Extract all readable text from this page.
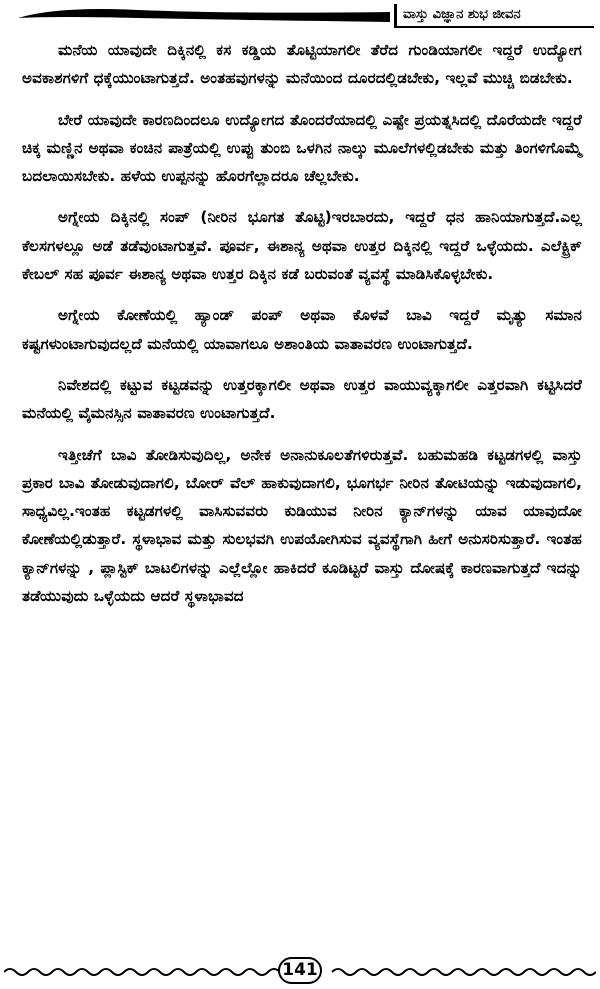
ವಾಸ್ತು ವಿಜ್ಞಾನ ಶುಭ ಜೀವನ

ಮನೆಯ ಯಾವುದೇ ದಿಕ್ಕಿನಲ್ಲಿ ಕಸ ಕಡ್ಡಿಯ ತೊಟ್ಟಿಯಾಗಲೀ ತೆರೆದ ಗುಂಡಿಯಾಗಲೀ ಇದ್ದರೆ ಉದ್ಯೋಗ ಅವಕಾಶಗಳಿಗೆ ಧಕ್ಕೆಯುಂಟಾಗುತ್ತದೆ. ಅಂತಹವುಗಳನ್ನು ಮನೆಯಿಂದ ದೂರದಲ್ಲಿಡಬೇಕು, ಇಲ್ಲವೆ ಮುಚ್ಚಿ ಬಿಡಬೇಕು.

ಬೇರೆ ಯಾವುದೇ ಕಾರಣದಿಂದಲೂ ಉದ್ಯೋಗದ ತೊಂದರೆಯಾದಲ್ಲಿ ಎಷ್ಟೇ ಪ್ರಯತ್ನಸಿದಲ್ಲಿ ದೊರೆಯದೇ ಇದ್ದರೆ ಚಿಕ್ಕ ಮಣ್ಣಿನ ಅಥವಾ ಕಂಚಿನ ಪಾತ್ರೆಯಲ್ಲಿ ಉಪ್ಪು ತುಂಬಿ ಒಳಗಿನ ನಾಲ್ಕು ಮೂಲೆಗಳಲ್ಲಿಡಬೇಕು ಮತ್ತು ತಿಂಗಳಿಗೊಮ್ಮೆ ಬದಲಾಯಿಸಬೇಕು. ಹಳೆಯ ಉಪ್ಪನನ್ನು ಹೊರಗೆಲ್ಲಾದರೂ ಚೆಲ್ಲಬೇಕು.

ಅಗ್ನೇಯ ದಿಕ್ಕಿನಲ್ಲಿ ಸಂಪ್ (ನೀರಿನ ಭೂಗತ ತೊಟ್ಟಿ)ಇರಬಾರದು, ಇದ್ದರೆ ಧನ ಹಾನಿಯಾಗುತ್ತದೆ.ಎಲ್ಲ ಕೆಲಸಗಳಲ್ಲೂ ಅಡೆ ತಡೆವುಂಟಾಗುತ್ತವೆ. ಪೂರ್ವ, ಈಶಾನ್ಯ ಅಥವಾ ಉತ್ತರ ದಿಕ್ಕಿನಲ್ಲಿ ಇದ್ದರೆ ಒಳ್ಳೆಯದು. ಎಲೆಕ್ಟ್ರಿಕ್ ಕೇಬಲ್ ಸಹ ಪೂರ್ವ ಈಶಾನ್ಯ ಅಥವಾ ಉತ್ತರ ದಿಕ್ಕಿನ ಕಡೆ ಬರುವಂತೆ ವ್ಯವಸ್ಥೆ ಮಾಡಿಸಿಕೊಳ್ಳಬೇಕು.

ಅಗ್ನೇಯ ಕೋಣೆಯಲ್ಲಿ ಹ್ಯಾಂಡ್ ಪಂಪ್ ಅಥವಾ ಕೊಳವೆ ಬಾವಿ ಇದ್ದರೆ ಮೃತ್ಯು ಸಮಾನ ಕಷ್ಟಗಳುಂಟಾಗುವುದಲ್ಲದೆ ಮನೆಯಲ್ಲಿ ಯಾವಾಗಲೂ ಅಶಾಂತಿಯ ವಾತಾವರಣ ಉಂಟಾಗುತ್ತದೆ.

ನಿವೇಶದಲ್ಲಿ ಕಟ್ಟುವ ಕಟ್ಟಡವನ್ನು ಉತ್ತರಕ್ಕಾಗಲೀ ಅಥವಾ ಉತ್ತರ ವಾಯುವ್ಯಕ್ಕಾಗಲೀ ಎತ್ತರವಾಗಿ ಕಟ್ಟಿಸಿದರೆ ಮನೆಯಲ್ಲಿ ವೈಮನಸ್ಸಿನ ವಾತಾವರಣ ಉಂಟಾಗುತ್ತದೆ.

ಇತ್ತೀಚೆಗೆ ಬಾವಿ ತೋಡಿಸುವುದಿಲ್ಲ, ಅನೇಕ ಅನಾನುಕೂಲತೆಗಳಿರುತ್ತವೆ. ಬಹುಮಹಡಿ ಕಟ್ಟಡಗಳಲ್ಲಿ ವಾಸ್ತು ಪ್ರಕಾರ ಬಾವಿ ತೋಡುವುದಾಗಲಿ, ಬೋರ್ ವೆಲ್ ಹಾಕುವುದಾಗಲಿ, ಭೂಗರ್ಭ ನೀರಿನ ತೋಟಿಯನ್ನು ಇಡುವುದಾಗಲಿ, ಸಾಧ್ಯವಿಲ್ಲ.ಇಂತಹ ಕಟ್ಟಡಗಳಲ್ಲಿ ವಾಸಿಸುವವರು ಕುಡಿಯುವ ನೀರಿನ ಕ್ಯಾನ್‌ಗಳನ್ನು ಯಾವ ಯಾವುದೋ ಕೋಣೆಯಲ್ಲಿಡುತ್ತಾರೆ. ಸ್ಥಳಾಭಾವ ಮತ್ತು ಸುಲಭವಗಿ ಉಪಯೋಗಿಸುವ ವ್ಯವಸ್ಥೆಗಾಗಿ ಹೀಗೆ ಅನುಸರಿಸುತ್ತಾರೆ. ಇಂತಹ ಕ್ಯಾನ್‌ಗಳನ್ನು , ಪ್ಲಾಸ್ಟಿಕ್ ಬಾಟಲಿಗಳನ್ನು ಎಲ್ಲೆಲ್ಲೋ ಹಾಕಿದರೆ ಕೂಡಿಟ್ಟರೆ ವಾಸ್ತು ದೋಷಕ್ಕೆ ಕಾರಣವಾಗುತ್ತದೆ ಇದನ್ನು ತಡೆಯುವುದು ಒಳ್ಳೆಯದು ಆದರೆ ಸ್ಥಳಾಭಾವದ

141
